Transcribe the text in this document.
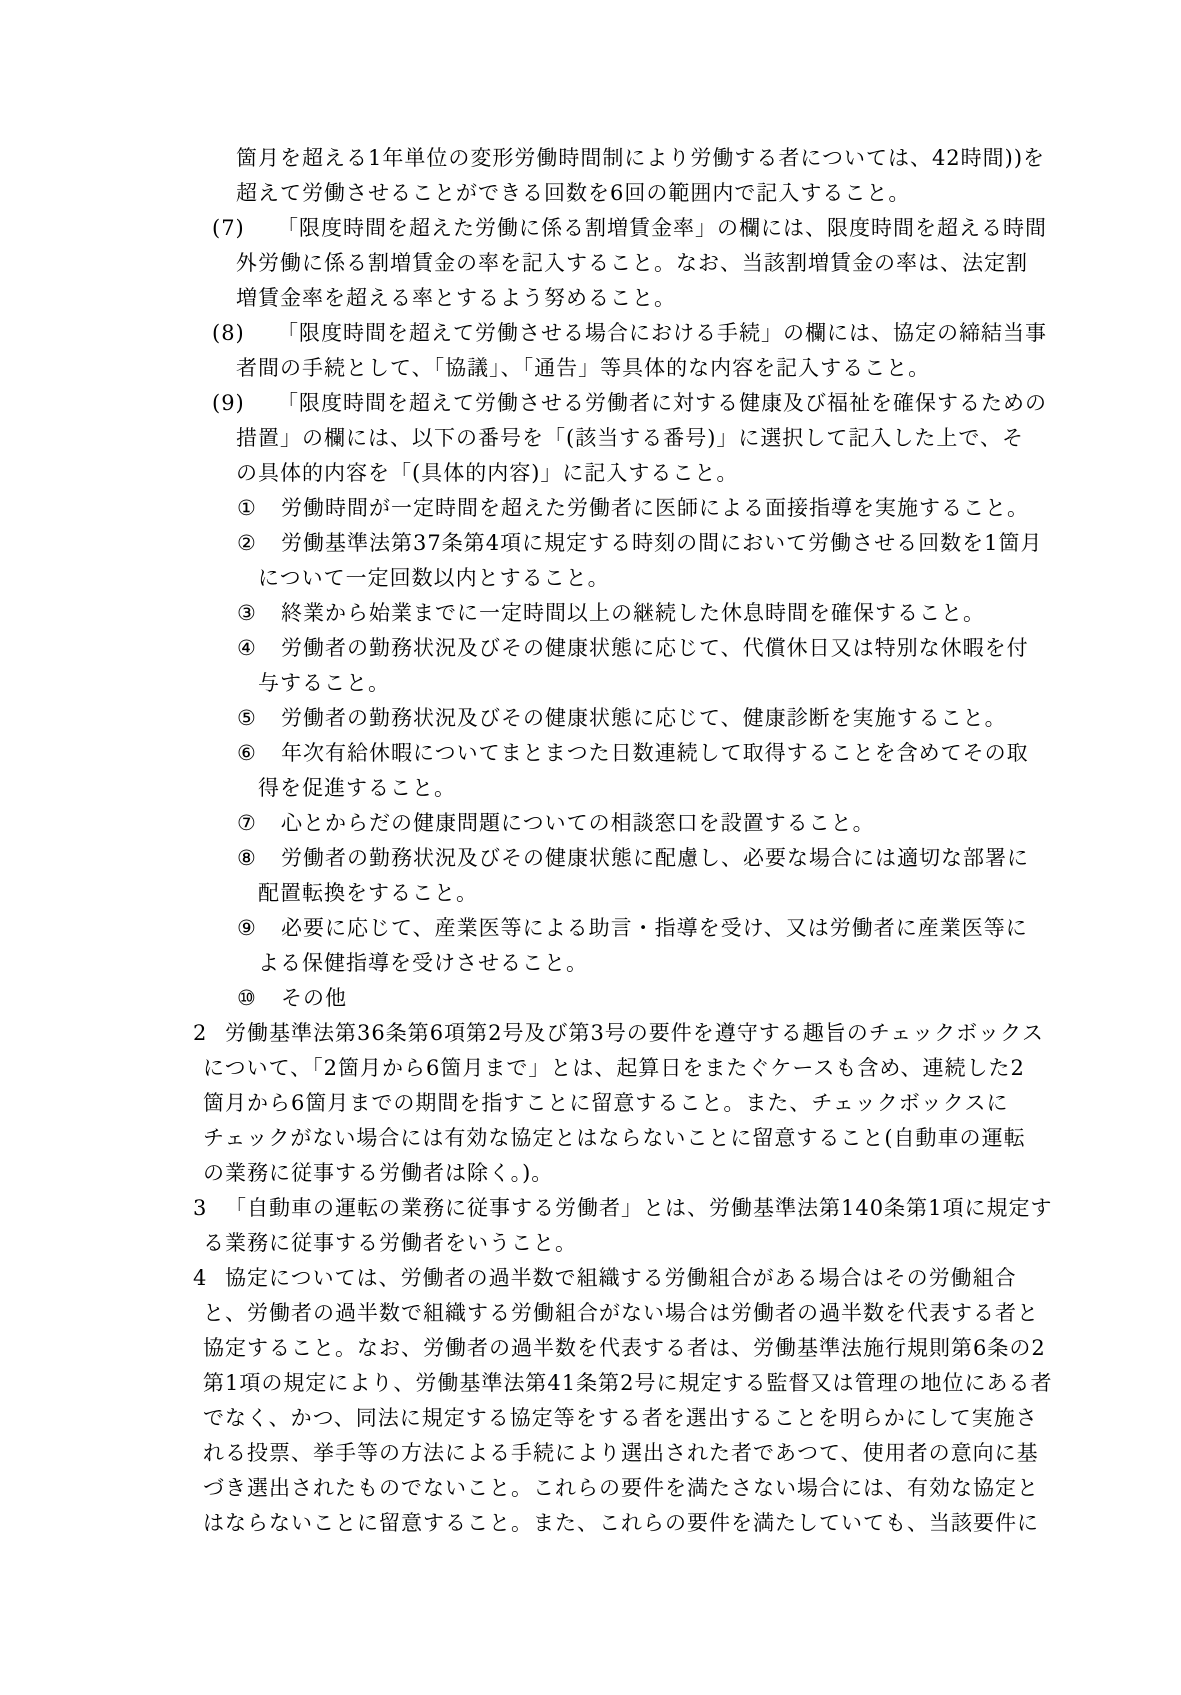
箇月を超える1年単位の変形労働時間制により労働する者については、42時間))を
超えて労働させることができる回数を6回の範囲内で記入すること。
(7) 「限度時間を超えた労働に係る割増賃金率」の欄には、限度時間を超える時間
外労働に係る割増賃金の率を記入すること。なお、当該割増賃金の率は、法定割
増賃金率を超える率とするよう努めること。
(8) 「限度時間を超えて労働させる場合における手続」の欄には、協定の締結当事
者間の手続として、「協議」、「通告」等具体的な内容を記入すること。
(9) 「限度時間を超えて労働させる労働者に対する健康及び福祉を確保するための
措置」の欄には、以下の番号を「(該当する番号)」に選択して記入した上で、そ
の具体的内容を「(具体的内容)」に記入すること。
① 労働時間が一定時間を超えた労働者に医師による面接指導を実施すること。
② 労働基準法第37条第4項に規定する時刻の間において労働させる回数を1箇月
について一定回数以内とすること。
③ 終業から始業までに一定時間以上の継続した休息時間を確保すること。
④ 労働者の勤務状況及びその健康状態に応じて、代償休日又は特別な休暇を付
与すること。
⑤ 労働者の勤務状況及びその健康状態に応じて、健康診断を実施すること。
⑥ 年次有給休暇についてまとまつた日数連続して取得することを含めてその取
得を促進すること。
⑦ 心とからだの健康問題についての相談窓口を設置すること。
⑧ 労働者の勤務状況及びその健康状態に配慮し、必要な場合には適切な部署に
配置転換をすること。
⑨ 必要に応じて、産業医等による助言・指導を受け、又は労働者に産業医等に
よる保健指導を受けさせること。
⑩ その他
2 労働基準法第36条第6項第2号及び第3号の要件を遵守する趣旨のチェックボックス
について、「2箇月から6箇月まで」とは、起算日をまたぐケースも含め、連続した2
箇月から6箇月までの期間を指すことに留意すること。また、チェックボックスに
チェックがない場合には有効な協定とはならないことに留意すること(自動車の運転
の業務に従事する労働者は除く。)。
3 「自動車の運転の業務に従事する労働者」とは、労働基準法第140条第1項に規定す
る業務に従事する労働者をいうこと。
4 協定については、労働者の過半数で組織する労働組合がある場合はその労働組合
と、労働者の過半数で組織する労働組合がない場合は労働者の過半数を代表する者と
協定すること。なお、労働者の過半数を代表する者は、労働基準法施行規則第6条の2
第1項の規定により、労働基準法第41条第2号に規定する監督又は管理の地位にある者
でなく、かつ、同法に規定する協定等をする者を選出することを明らかにして実施さ
れる投票、挙手等の方法による手続により選出された者であつて、使用者の意向に基
づき選出されたものでないこと。これらの要件を満たさない場合には、有効な協定と
はならないことに留意すること。また、これらの要件を満たしていても、当該要件に
